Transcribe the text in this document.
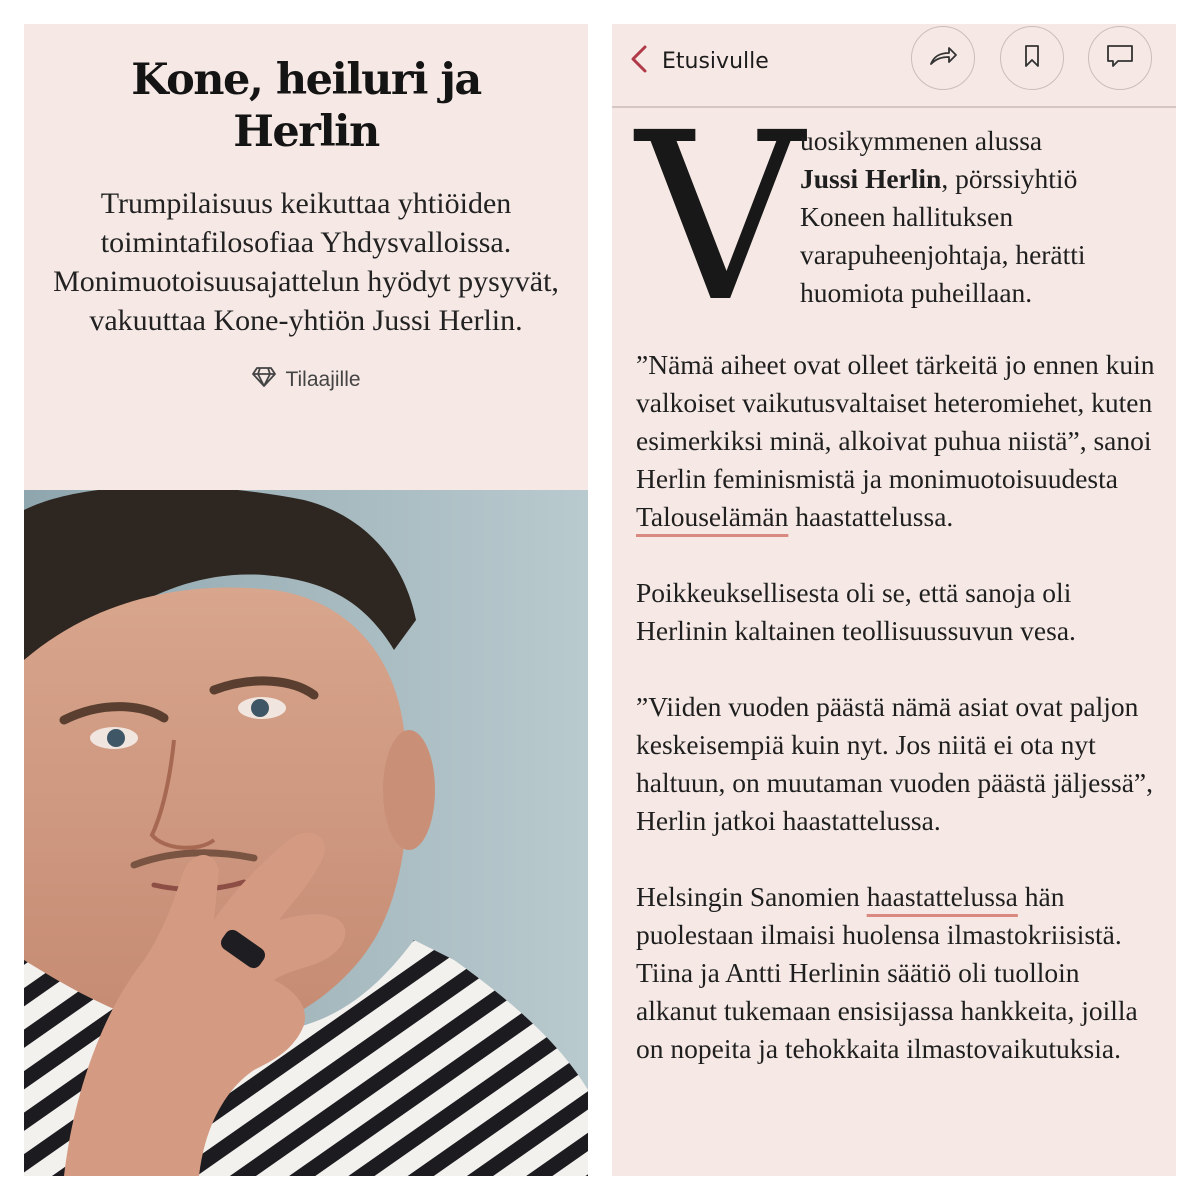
Kone, heiluri ja Herlin
Trumpilaisuus keikuttaa yhtiöiden toimintafilosofiaa Yhdysvalloissa. Monimuotoisuusajattelun hyödyt pysyvät, vakuuttaa Kone-yhtiön Jussi Herlin.
Tilaajille
Etusivulle
V
uosikymmenen alussa
Jussi Herlin, pörssiyhtiö Koneen hallituksen varapuheenjohtaja, herätti huomiota puheillaan.

”Nämä aiheet ovat olleet tärkeitä jo ennen kuin valkoiset vaikutusvaltaiset heteromiehet, kuten esimerkiksi minä, alkoivat puhua niistä”, sanoi Herlin feminismistä ja monimuotoisuudesta Talouselämän haastattelussa.

Poikkeuksellisesta oli se, että sanoja oli Herlinin kaltainen teollisuussuvun vesa.

”Viiden vuoden päästä nämä asiat ovat paljon keskeisempiä kuin nyt. Jos niitä ei ota nyt haltuun, on muutaman vuoden päästä jäljessä”, Herlin jatkoi haastattelussa.

Helsingin Sanomien haastattelussa hän puolestaan ilmaisi huolensa ilmastokriisistä. Tiina ja Antti Herlinin säätiö oli tuolloin alkanut tukemaan ensisijassa hankkeita, joilla on nopeita ja tehokkaita ilmastovaikutuksia.
